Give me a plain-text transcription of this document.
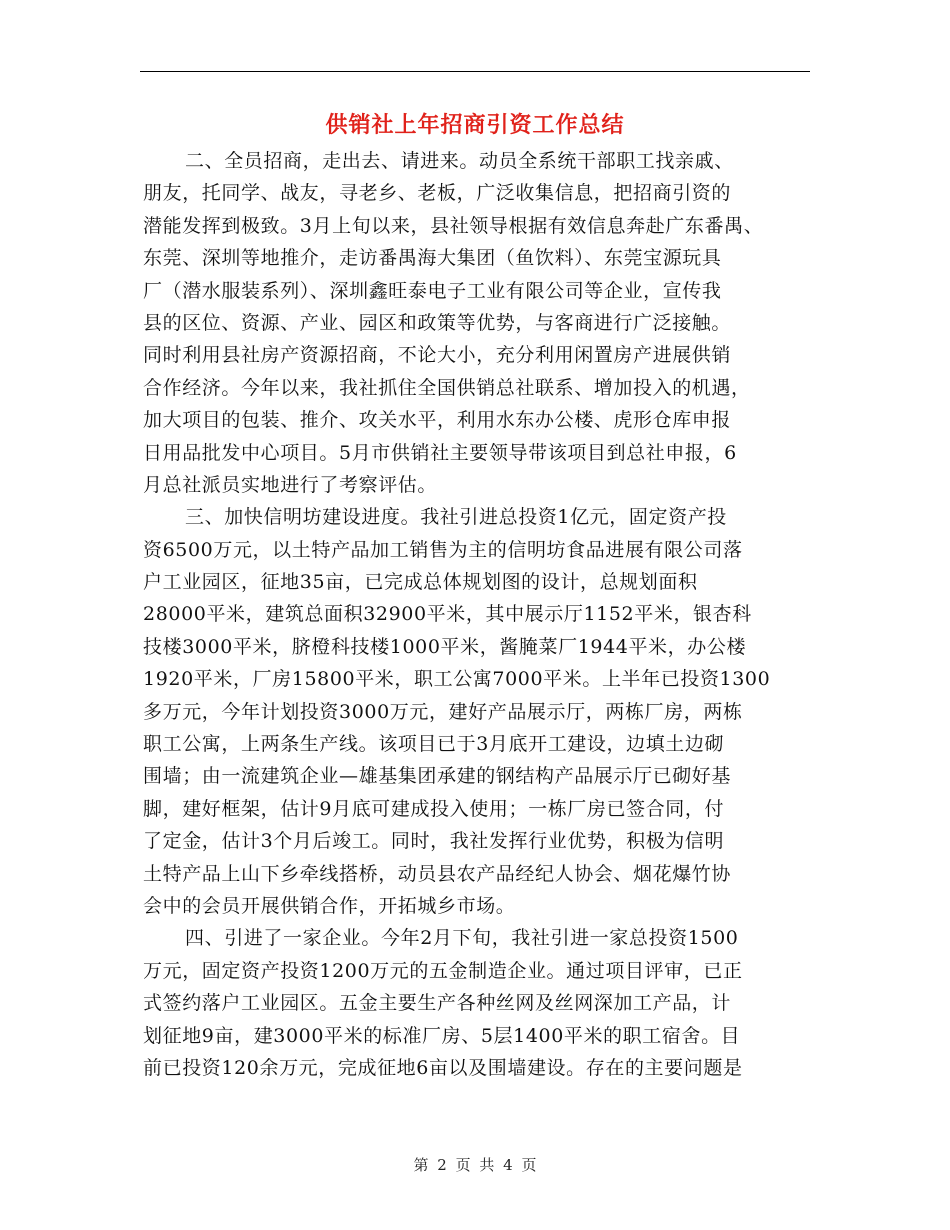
供销社上年招商引资工作总结
二、全员招商，走出去、请进来。动员全系统干部职工找亲戚、
朋友，托同学、战友，寻老乡、老板，广泛收集信息，把招商引资的
潜能发挥到极致。3月上旬以来，县社领导根据有效信息奔赴广东番禺、
东莞、深圳等地推介，走访番禺海大集团（鱼饮料）、东莞宝源玩具
厂（潜水服装系列）、深圳鑫旺泰电子工业有限公司等企业，宣传我
县的区位、资源、产业、园区和政策等优势，与客商进行广泛接触。
同时利用县社房产资源招商，不论大小，充分利用闲置房产进展供销
合作经济。今年以来，我社抓住全国供销总社联系、增加投入的机遇，
加大项目的包装、推介、攻关水平，利用水东办公楼、虎形仓库申报
日用品批发中心项目。5月市供销社主要领导带该项目到总社申报，6
月总社派员实地进行了考察评估。
三、加快信明坊建设进度。我社引进总投资1亿元，固定资产投
资6500万元，以土特产品加工销售为主的信明坊食品进展有限公司落
户工业园区，征地35亩，已完成总体规划图的设计，总规划面积
28000平米，建筑总面积32900平米，其中展示厅1152平米，银杏科
技楼3000平米，脐橙科技楼1000平米，酱腌菜厂1944平米，办公楼
1920平米，厂房15800平米，职工公寓7000平米。上半年已投资1300
多万元，今年计划投资3000万元，建好产品展示厅，两栋厂房，两栋
职工公寓，上两条生产线。该项目已于3月底开工建设，边填土边砌
围墙；由一流建筑企业—雄基集团承建的钢结构产品展示厅已砌好基
脚，建好框架，估计9月底可建成投入使用；一栋厂房已签合同，付
了定金，估计3个月后竣工。同时，我社发挥行业优势，积极为信明
土特产品上山下乡牵线搭桥，动员县农产品经纪人协会、烟花爆竹协
会中的会员开展供销合作，开拓城乡市场。
四、引进了一家企业。今年2月下旬，我社引进一家总投资1500
万元，固定资产投资1200万元的五金制造企业。通过项目评审，已正
式签约落户工业园区。五金主要生产各种丝网及丝网深加工产品，计
划征地9亩，建3000平米的标准厂房、5层1400平米的职工宿舍。目
前已投资120余万元，完成征地6亩以及围墙建设。存在的主要问题是
第 2 页 共 4 页
